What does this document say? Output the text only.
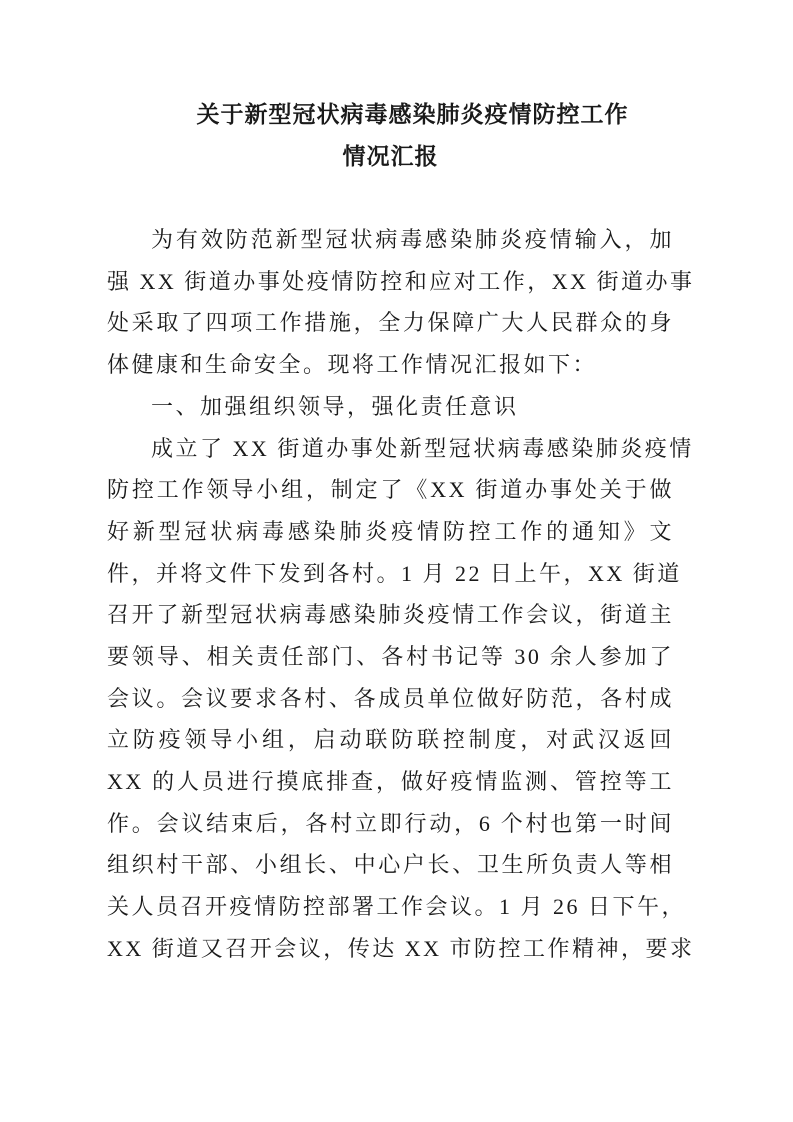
关于新型冠状病毒感染肺炎疫情防控工作
情况汇报
为有效防范新型冠状病毒感染肺炎疫情输入，加
强 XX 街道办事处疫情防控和应对工作，XX 街道办事
处采取了四项工作措施，全力保障广大人民群众的身
体健康和生命安全。现将工作情况汇报如下：
一、加强组织领导，强化责任意识
成立了 XX 街道办事处新型冠状病毒感染肺炎疫情
防控工作领导小组，制定了《XX 街道办事处关于做
好新型冠状病毒感染肺炎疫情防控工作的通知》文
件，并将文件下发到各村。1 月 22 日上午，XX 街道
召开了新型冠状病毒感染肺炎疫情工作会议，街道主
要领导、相关责任部门、各村书记等 30 余人参加了
会议。会议要求各村、各成员单位做好防范，各村成
立防疫领导小组，启动联防联控制度，对武汉返回
XX 的人员进行摸底排查，做好疫情监测、管控等工
作。会议结束后，各村立即行动，6 个村也第一时间
组织村干部、小组长、中心户长、卫生所负责人等相
关人员召开疫情防控部署工作会议。1 月 26 日下午，
XX 街道又召开会议，传达 XX 市防控工作精神，要求
